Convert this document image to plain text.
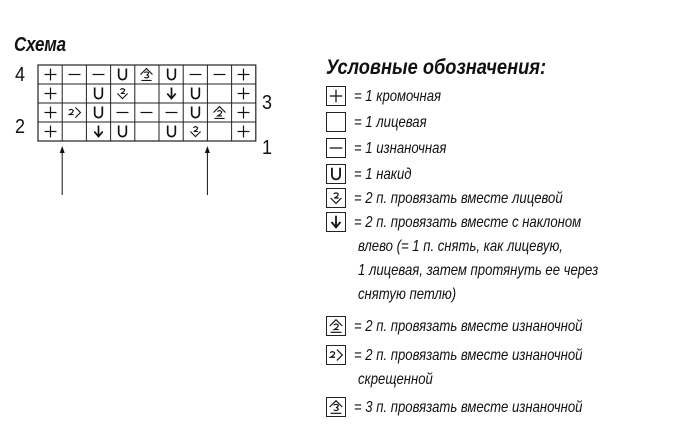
Схема
4
3
2
1
Условные обозначения:
= 1 кромочная
= 1 лицевая
= 1 изнаночная
= 1 накид
= 2 п. провязать вместе лицевой
= 2 п. провязать вместе с наклоном
влево (= 1 п. снять, как лицевую,
1 лицевая, затем протянуть ее через
снятую петлю)
= 2 п. провязать вместе изнаночной
= 2 п. провязать вместе изнаночной
скрещенной
= 3 п. провязать вместе изнаночной
